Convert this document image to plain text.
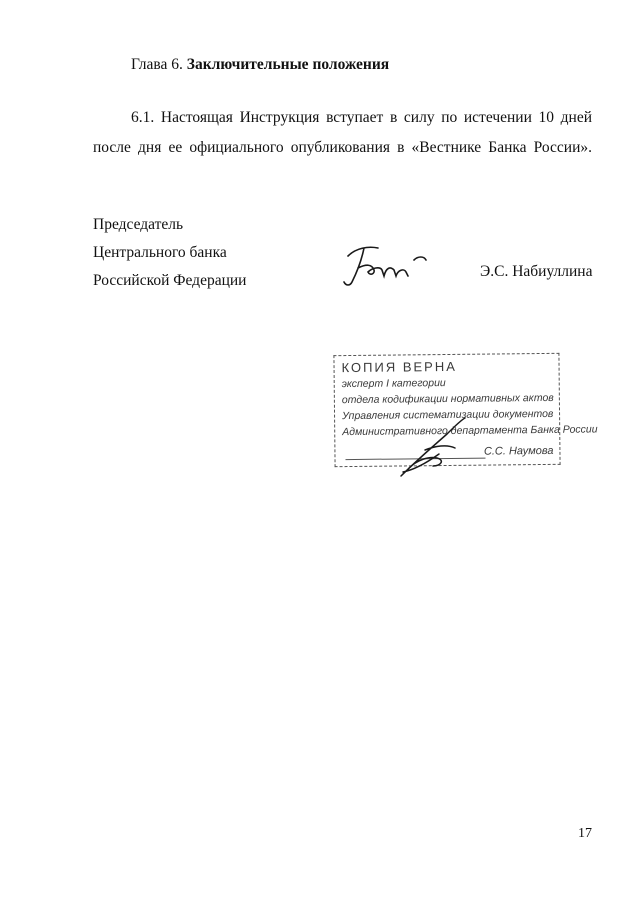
Глава 6. Заключительные положения
6.1. Настоящая Инструкция вступает в силу по истечении 10 дней после дня ее официального опубликования в «Вестнике Банка России».
Председатель
Центрального банка
Российской Федерации
Э.С. Набиуллина
КОПИЯ ВЕРНА
эксперт I категории
отдела кодификации нормативных актов
Управления систематизации документов
Административного департамента Банка России
С.С. Наумова
17
